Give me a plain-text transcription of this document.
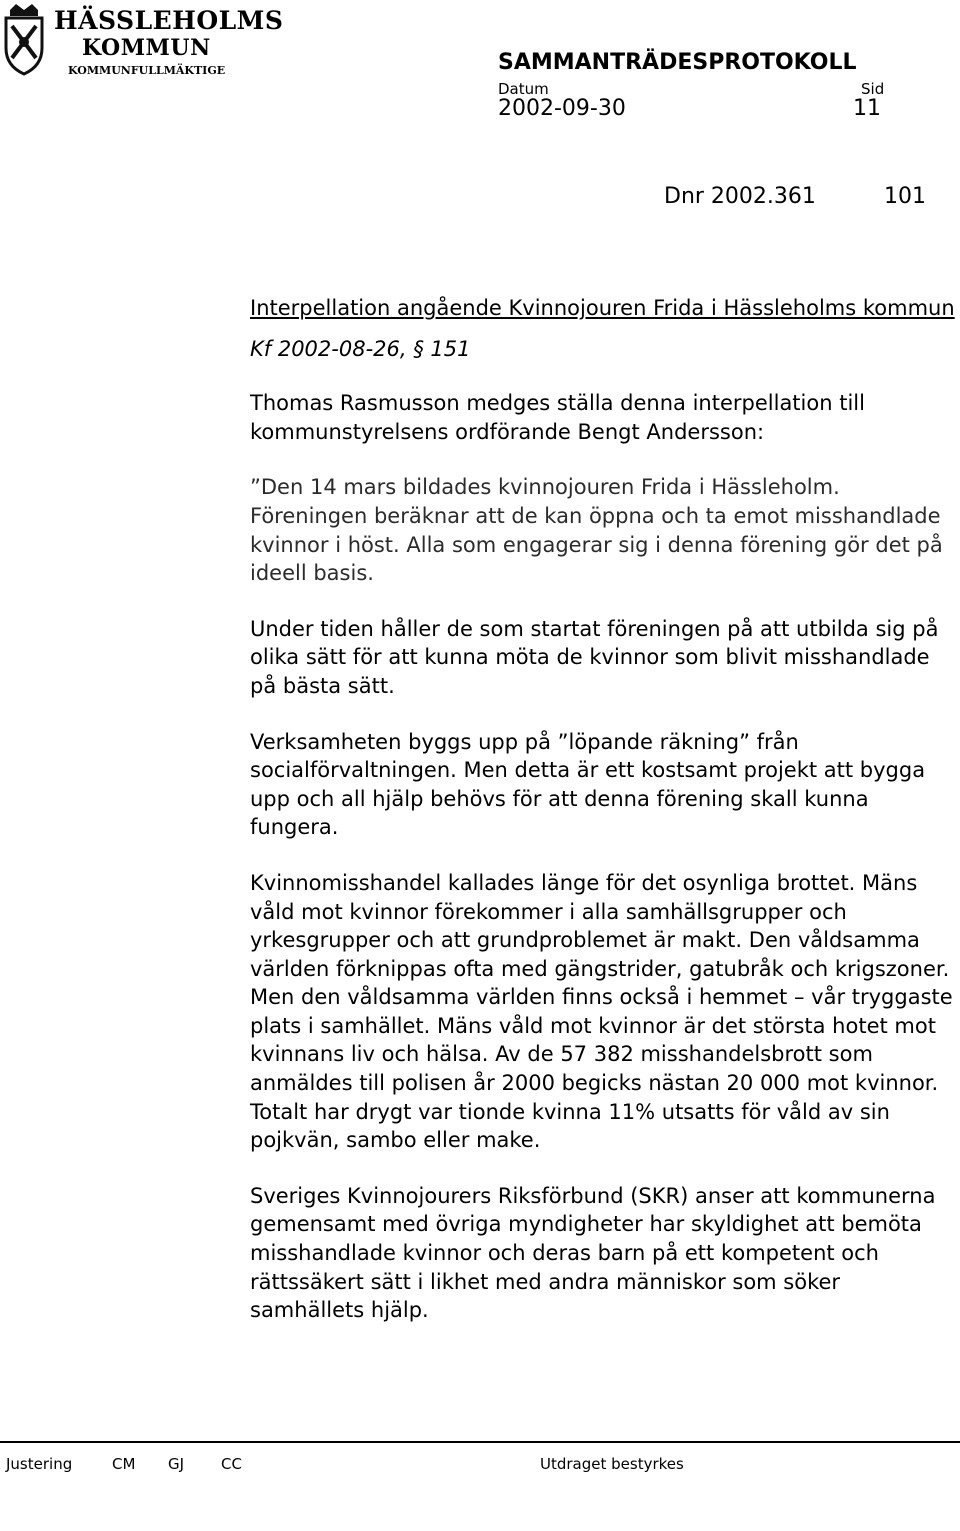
HÄSSLEHOLMS
KOMMUN
KOMMUNFULLMÄKTIGE	SAMMANTRÄDESPROTOKOLL
Datum	Sid
2002-09-30	11
Dnr 2002.361	101

Interpellation angående Kvinnojouren Frida i Hässleholms kommun

Kf 2002-08-26, § 151

Thomas Rasmusson medges ställa denna interpellation till kommunstyrelsens ordförande Bengt Andersson:

”Den 14 mars bildades kvinnojouren Frida i Hässleholm. Föreningen beräknar att de kan öppna och ta emot misshandlade kvinnor i höst. Alla som engagerar sig i denna förening gör det på ideell basis.

Under tiden håller de som startat föreningen på att utbilda sig på olika sätt för att kunna möta de kvinnor som blivit misshandlade på bästa sätt.

Verksamheten byggs upp på ”löpande räkning” från socialförvaltningen. Men detta är ett kostsamt projekt att bygga upp och all hjälp behövs för att denna förening skall kunna fungera.

Kvinnomisshandel kallades länge för det osynliga brottet. Mäns våld mot kvinnor förekommer i alla samhällsgrupper och yrkesgrupper och att grundproblemet är makt. Den våldsamma världen förknippas ofta med gängstrider, gatubråk och krigszoner. Men den våldsamma världen finns också i hemmet – vår tryggaste plats i samhället. Mäns våld mot kvinnor är det största hotet mot kvinnans liv och hälsa. Av de 57 382 misshandelsbrott som anmäldes till polisen år 2000 begicks nästan 20 000 mot kvinnor. Totalt har drygt var tionde kvinna 11% utsatts för våld av sin pojkvän, sambo eller make.

Sveriges Kvinnojourers Riksförbund (SKR) anser att kommunerna gemensamt med övriga myndigheter har skyldighet att bemöta misshandlade kvinnor och deras barn på ett kompetent och rättssäkert sätt i likhet med andra människor som söker samhällets hjälp.

Justering	CM GJ CC	Utdraget bestyrkes
